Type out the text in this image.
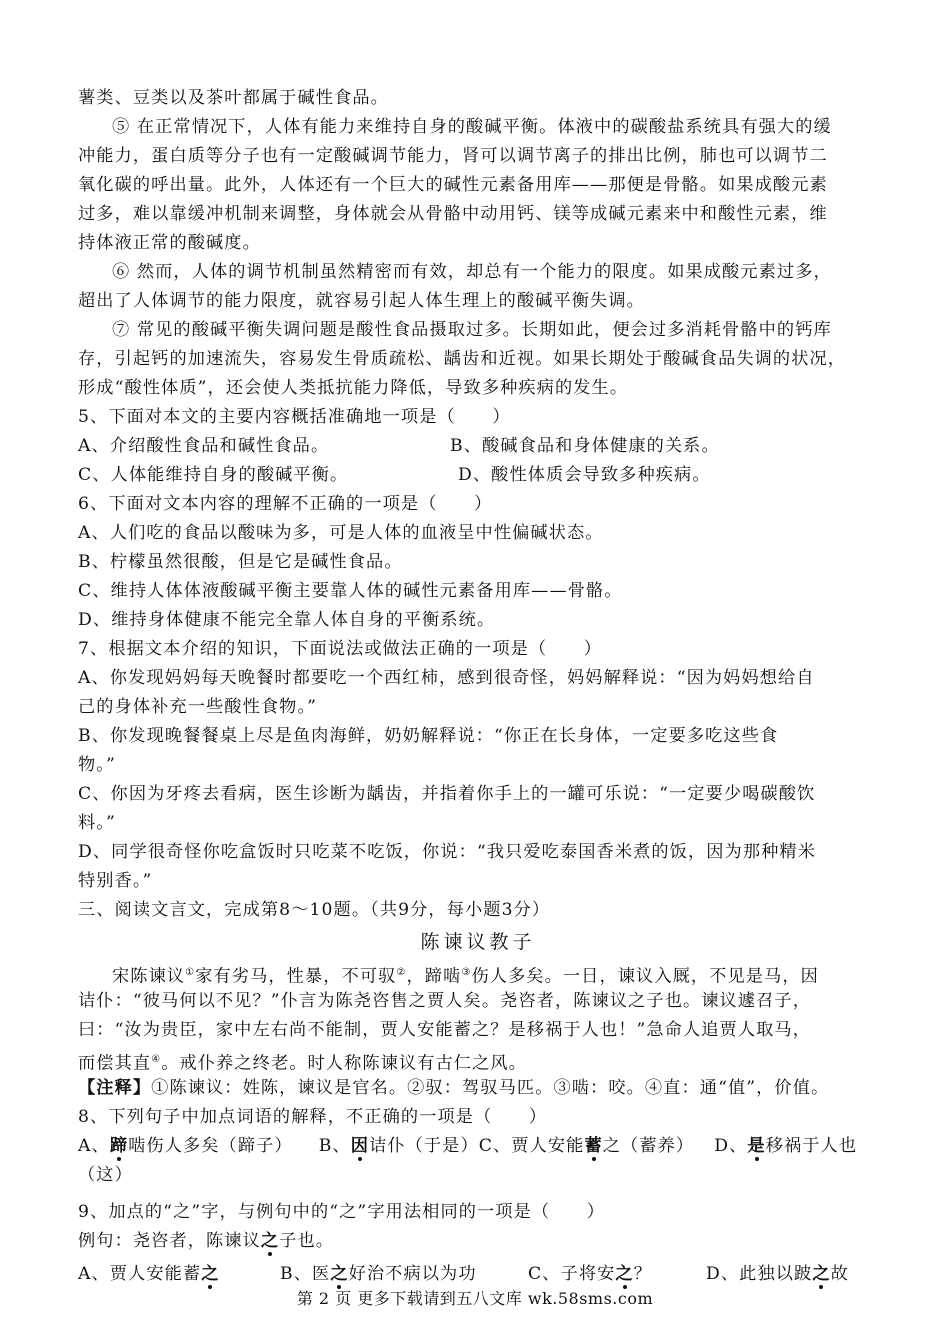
薯类、豆类以及茶叶都属于碱性食品。
⑤ 在正常情况下，人体有能力来维持自身的酸碱平衡。体液中的碳酸盐系统具有强大的缓
冲能力，蛋白质等分子也有一定酸碱调节能力，肾可以调节离子的排出比例，肺也可以调节二
氧化碳的呼出量。此外，人体还有一个巨大的碱性元素备用库——那便是骨骼。如果成酸元素
过多，难以靠缓冲机制来调整，身体就会从骨骼中动用钙、镁等成碱元素来中和酸性元素，维
持体液正常的酸碱度。
⑥ 然而，人体的调节机制虽然精密而有效，却总有一个能力的限度。如果成酸元素过多，
超出了人体调节的能力限度，就容易引起人体生理上的酸碱平衡失调。
⑦ 常见的酸碱平衡失调问题是酸性食品摄取过多。长期如此，便会过多消耗骨骼中的钙库
存，引起钙的加速流失，容易发生骨质疏松、龋齿和近视。如果长期处于酸碱食品失调的状况，
形成“酸性体质”，还会使人类抵抗能力降低，导致多种疾病的发生。
5、下面对本文的主要内容概括准确地一项是（　　）
A、介绍酸性食品和碱性食品。	B、酸碱食品和身体健康的关系。
C、人体能维持自身的酸碱平衡。	D、酸性体质会导致多种疾病。
6、下面对文本内容的理解不正确的一项是（　　）
A、人们吃的食品以酸味为多，可是人体的血液呈中性偏碱状态。
B、柠檬虽然很酸，但是它是碱性食品。
C、维持人体体液酸碱平衡主要靠人体的碱性元素备用库——骨骼。
D、维持身体健康不能完全靠人体自身的平衡系统。
7、根据文本介绍的知识，下面说法或做法正确的一项是（　　）
A、你发现妈妈每天晚餐时都要吃一个西红柿，感到很奇怪，妈妈解释说：“因为妈妈想给自
己的身体补充一些酸性食物。”
B、你发现晚餐餐桌上尽是鱼肉海鲜，奶奶解释说：“你正在长身体，一定要多吃这些食
物。”
C、你因为牙疼去看病，医生诊断为龋齿，并指着你手上的一罐可乐说：“一定要少喝碳酸饮
料。”
D、同学很奇怪你吃盒饭时只吃菜不吃饭，你说：“我只爱吃泰国香米煮的饭，因为那种精米
特别香。”
三、阅读文言文，完成第8～10题。（共9分，每小题3分）
陈谏议教子
宋陈谏议①家有劣马，性暴，不可驭②，蹄啮③伤人多矣。一日，谏议入厩，不见是马，因
诘仆：“彼马何以不见？”仆言为陈尧咨售之贾人矣。尧咨者，陈谏议之子也。谏议遽召子，
曰：“汝为贵臣，家中左右尚不能制，贾人安能蓄之？是移祸于人也！”急命人追贾人取马，
而偿其直④。戒仆养之终老。时人称陈谏议有古仁之风。
【注释】①陈谏议：姓陈，谏议是官名。②驭：驾驭马匹。③啮：咬。④直：通“值”，价值。
8、下列句子中加点词语的解释，不正确的一项是（　　）
A、蹄啮伤人多矣（蹄子） B、因诘仆（于是）C、贾人安能蓄之（蓄养） D、是移祸于人也
（这）
9、加点的“之”字，与例句中的“之”字用法相同的一项是（　　）
例句：尧咨者，陈谏议之子也。
A、贾人安能蓄之	B、医之好治不病以为功	C、子将安之？	D、此独以跛之故
第 2 页 更多下载请到五八文库 wk.58sms.com
